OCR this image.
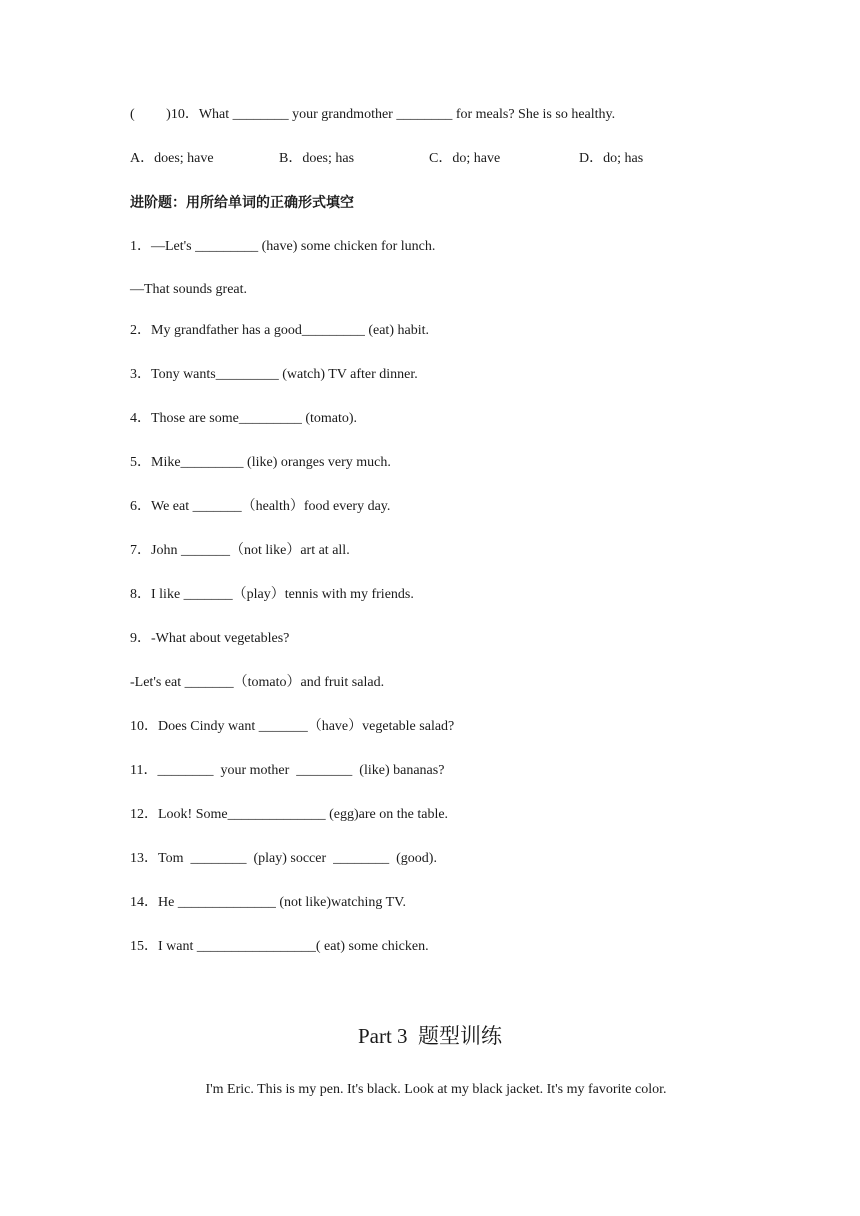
(         )10．What ________ your grandmother ________ for meals? She is so healthy.
A．does; have	B．does; has	C．do; have	D．do; has
进阶题：用所给单词的正确形式填空
1．—Let's _________ (have) some chicken for lunch.
—That sounds great.
2．My grandfather has a good_________ (eat) habit.
3．Tony wants_________ (watch) TV after dinner.
4．Those are some_________ (tomato).
5．Mike_________ (like) oranges very much.
6．We eat _______（health）food every day.
7．John _______（not like）art at all.
8．I like _______（play）tennis with my friends.
9．-What about vegetables?
-Let's eat _______（tomato）and fruit salad.
10．Does Cindy want _______（have）vegetable salad?
11．________  your mother  ________  (like) bananas?
12．Look! Some______________ (egg)are on the table.
13．Tom  ________  (play) soccer  ________  (good).
14．He ______________ (not like)watching TV.
15．I want _________________( eat) some chicken.
Part 3  题型训练
I'm Eric. This is my pen. It's black. Look at my black jacket. It's my favorite color.
